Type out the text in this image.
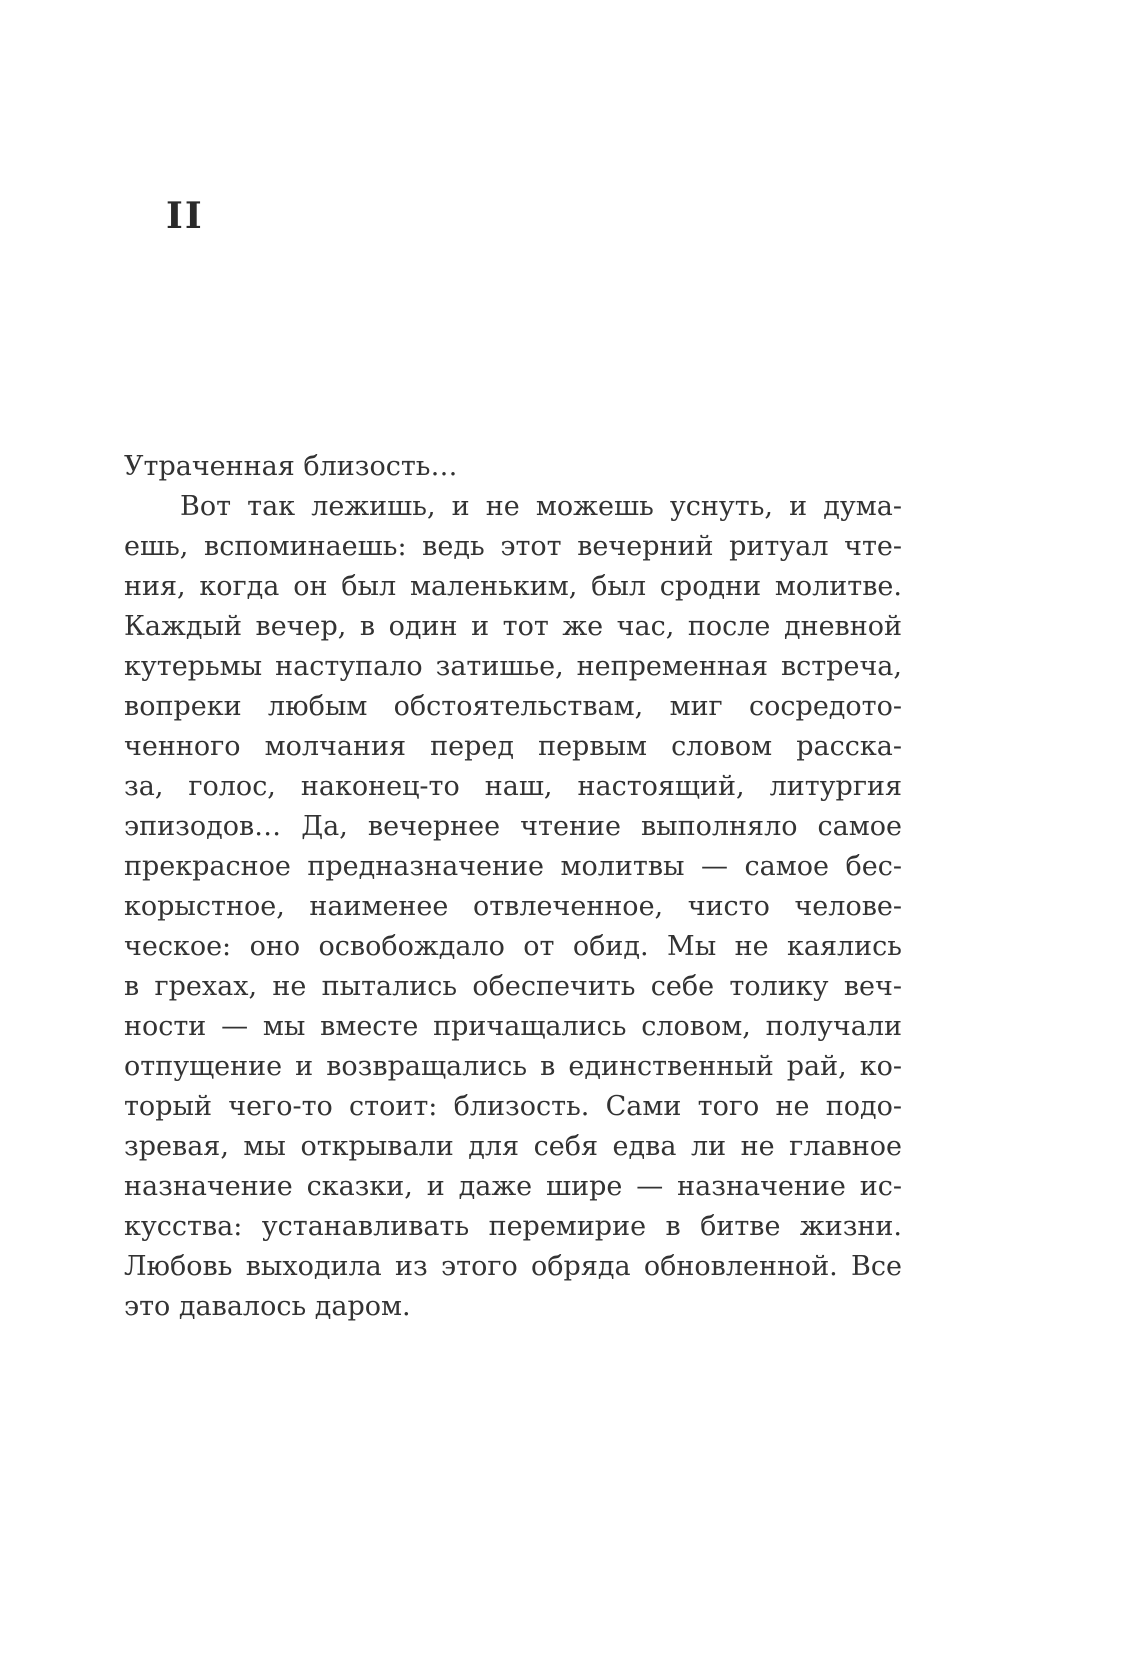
II
Утраченная близость…
Вот так лежишь, и не можешь уснуть, и дума-
ешь, вспоминаешь: ведь этот вечерний ритуал чте-
ния, когда он был маленьким, был сродни молитве.
Каждый вечер, в один и тот же час, после дневной
кутерьмы наступало затишье, непременная встреча,
вопреки любым обстоятельствам, миг сосредото-
ченного молчания перед первым словом расска-
за, голос, наконец-то наш, настоящий, литургия
эпизодов… Да, вечернее чтение выполняло самое
прекрасное предназначение молитвы — самое бес-
корыстное, наименее отвлеченное, чисто челове-
ческое: оно освобождало от обид. Мы не каялись
в грехах, не пытались обеспечить себе толику веч-
ности — мы вместе причащались словом, получали
отпущение и возвращались в единственный рай, ко-
торый чего-то стоит: близость. Сами того не подо-
зревая, мы открывали для себя едва ли не главное
назначение сказки, и даже шире — назначение ис-
кусства: устанавливать перемирие в битве жизни.
Любовь выходила из этого обряда обновленной. Все
это давалось даром.
